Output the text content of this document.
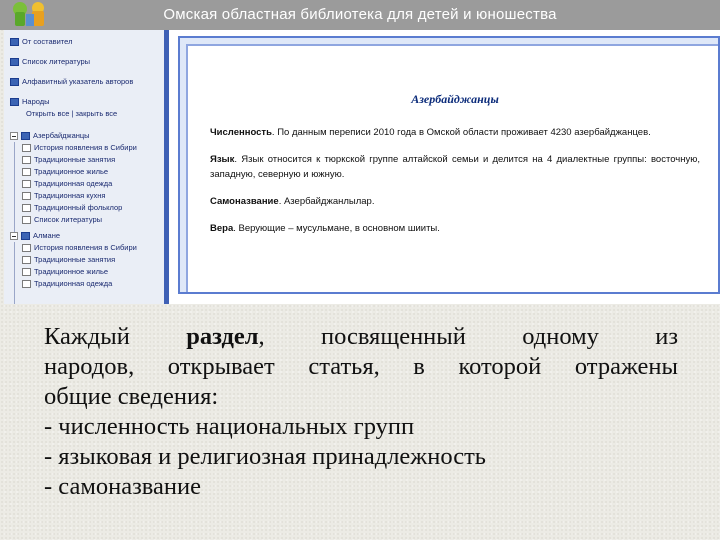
Омская областная библиотека для детей и юношества
От составител
Список литературы
Алфавитный указатель авторов
Народы
Открыть все | закрыть все
Азербайджанцы
История появления в Сибири
Традиционные занятия
Традиционное жилье
Традиционная одежда
Традиционная кухня
Традиционный фольклор
Список литературы
Алмане
История появления в Сибири
Традиционные занятия
Традиционное жилье
Традиционная одежда
Азербайджанцы
Численность. По данным переписи 2010 года в Омской области проживает 4230 азербайджанцев.
Язык. Язык относится к тюркской группе алтайской семьи и делится на 4 диалектные группы: восточную, западную, северную и южную.
Самоназвание. Азербайджанлылар.
Вера. Верующие – мусульмане, в основном шииты.
Каждый раздел, посвященный одному из
народов, открывает статья, в которой отражены
общие сведения:
- численность национальных групп
- языковая и религиозная принадлежность
- самоназвание
